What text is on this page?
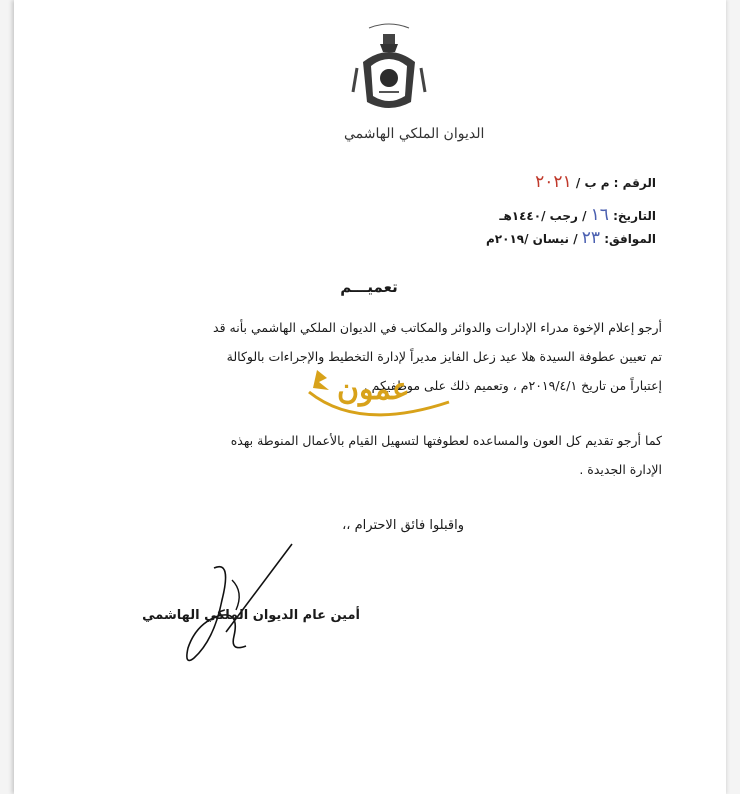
الديوان الملكي الهاشمي
الرقم : م ب / ٢٠٢١
التاريخ: ١٦ / رجب /١٤٤٠هـ
الموافق: ٢٣ / نيسان /٢٠١٩م
تعميـــم
أرجو إعلام الإخوة مدراء الإدارات والدوائر والمكاتب في الديوان الملكي الهاشمي بأنه قد
تم تعيين عطوفة السيدة هلا عيد زعل الفايز مديراً لإدارة التخطيط والإجراءات بالوكالة
إعتباراً من تاريخ ٢٠١٩/٤/١م ، وتعميم ذلك على موظفيكم .
كما أرجو تقديم كل العون والمساعده لعطوفتها لتسهيل القيام بالأعمال المنوطة بهذه
الإدارة الجديدة .
عمون
واقبلوا فائق الاحترام ،،
أمين عام الديوان الملكي الهاشمي
